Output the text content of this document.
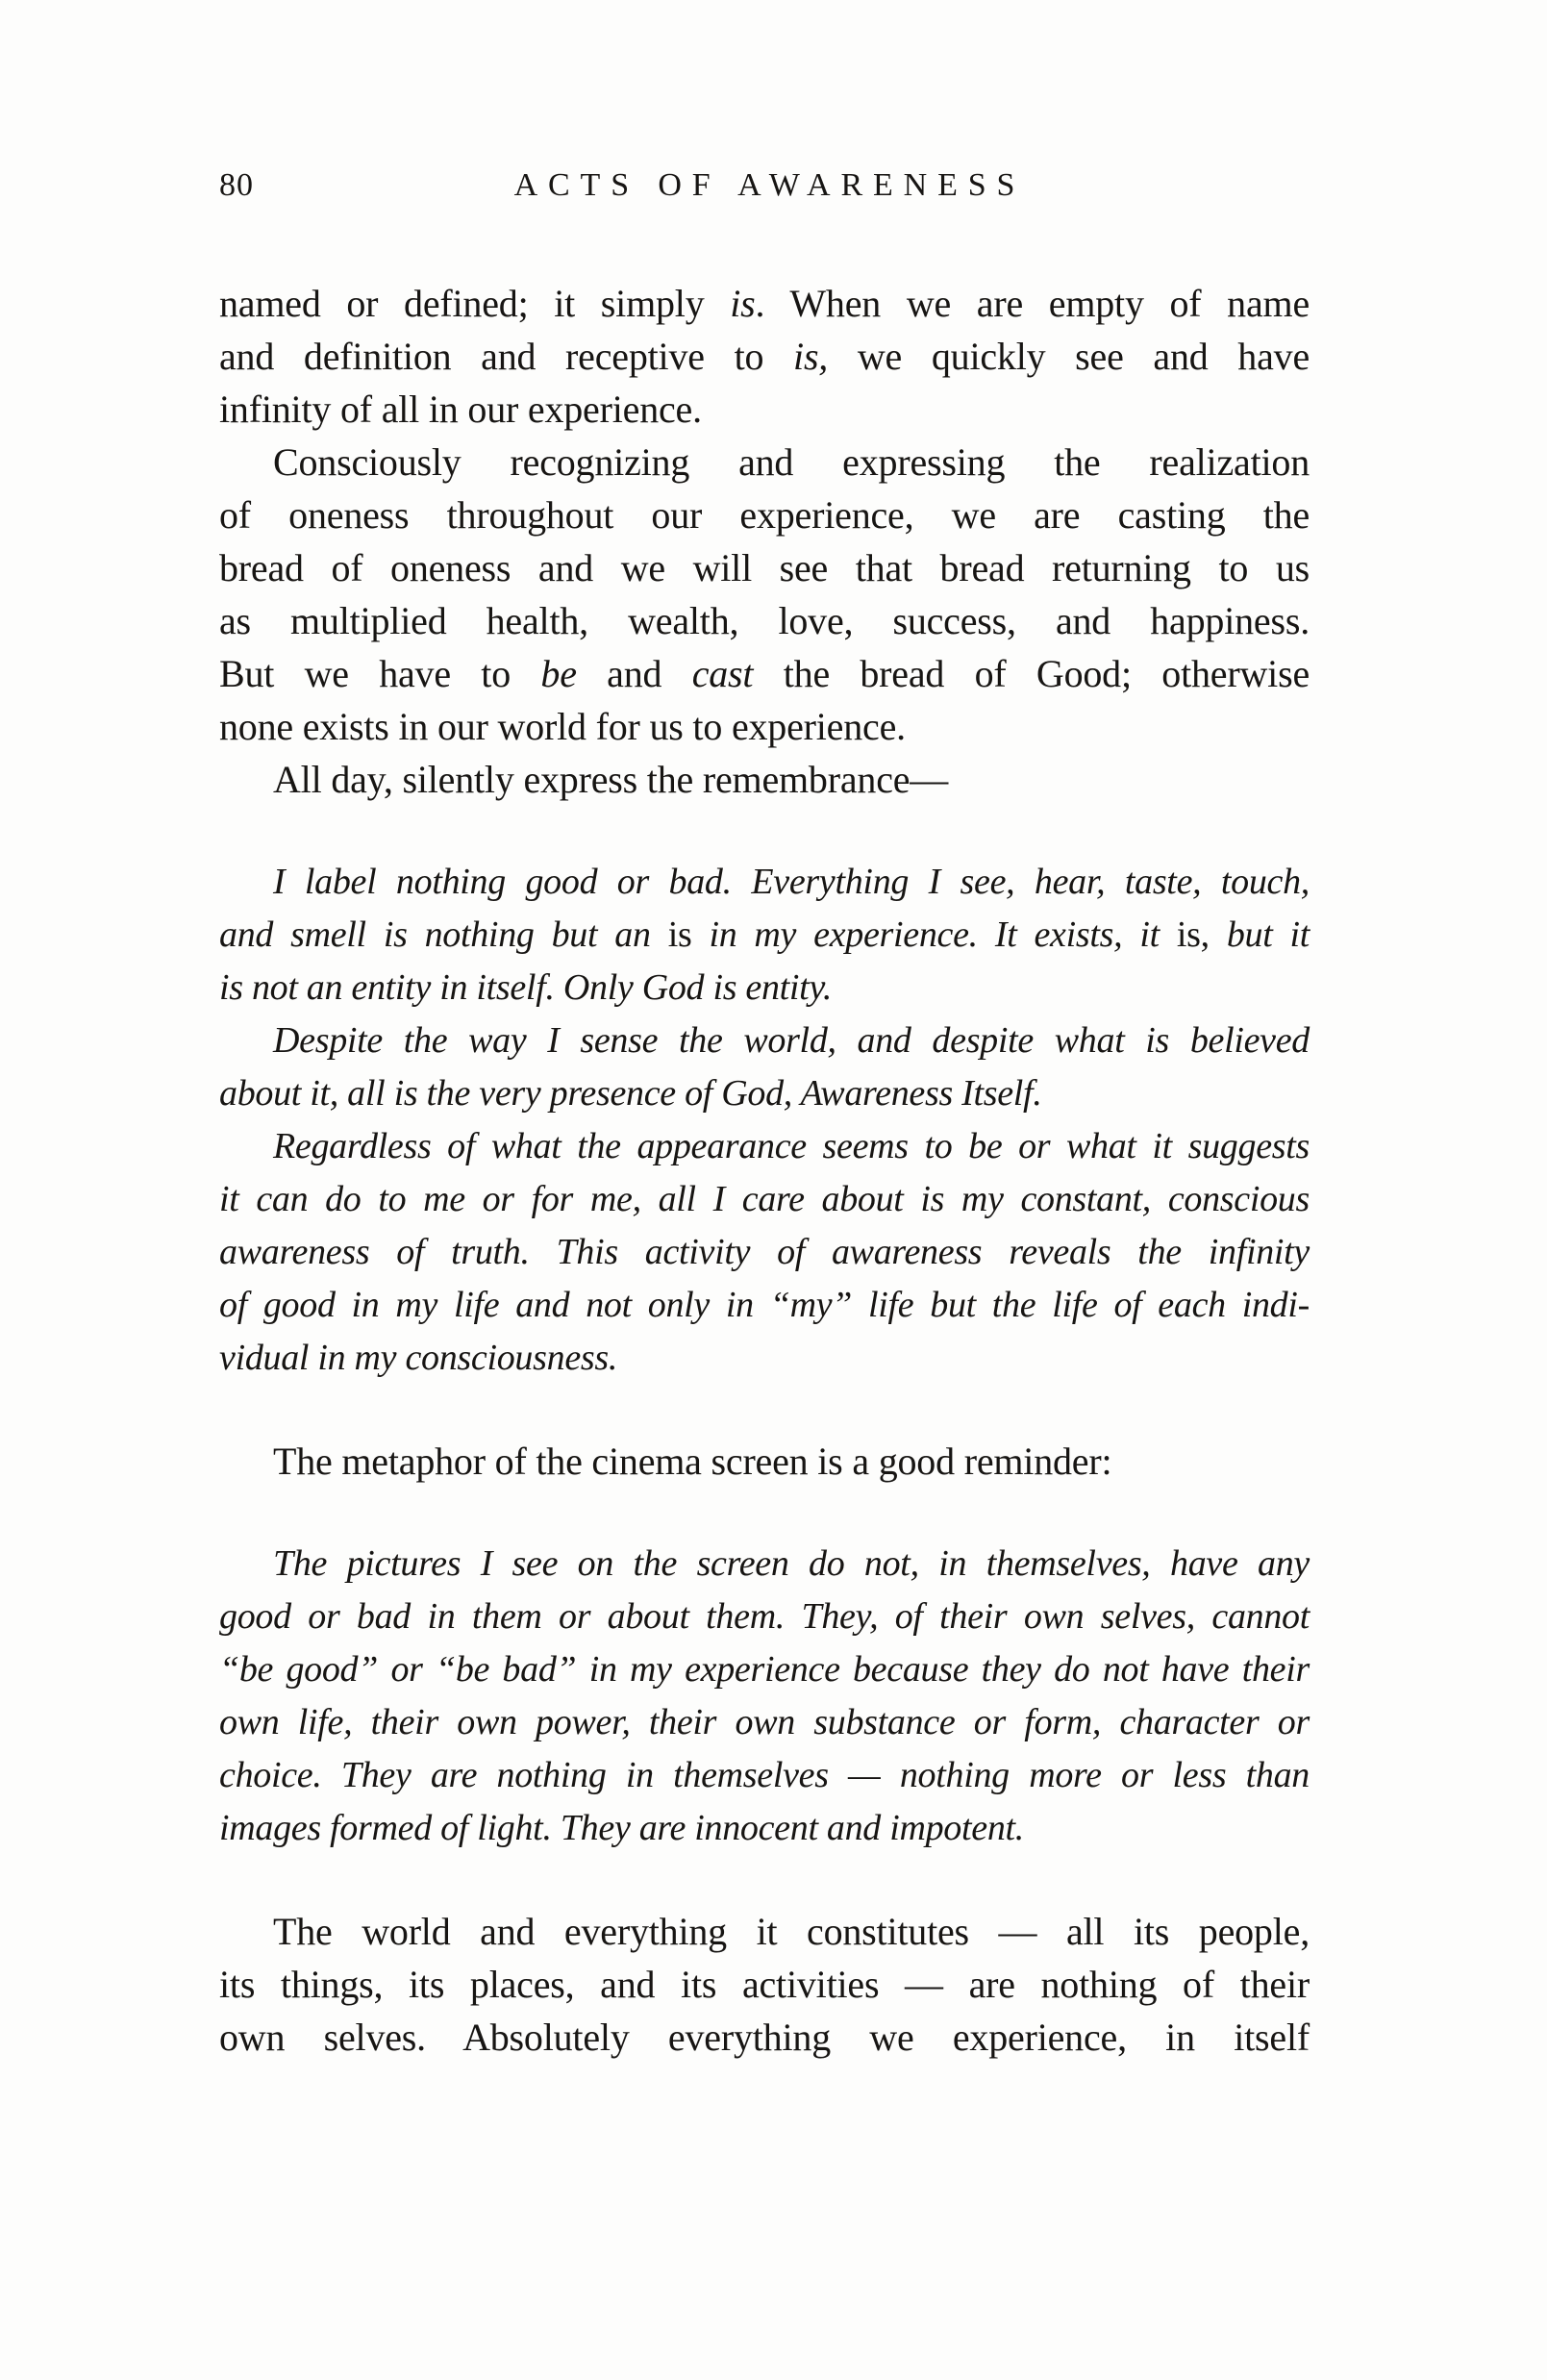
80	ACTS OF AWARENESS
named or defined; it simply is. When we are empty of name
and definition and receptive to is, we quickly see and have
infinity of all in our experience.
Consciously recognizing and expressing the realization
of oneness throughout our experience, we are casting the
bread of oneness and we will see that bread returning to us
as multiplied health, wealth, love, success, and happiness.
But we have to be and cast the bread of Good; otherwise
none exists in our world for us to experience.
All day, silently express the remembrance—
I label nothing good or bad. Everything I see, hear, taste, touch,
and smell is nothing but an is in my experience. It exists, it is, but it
is not an entity in itself. Only God is entity.
Despite the way I sense the world, and despite what is believed
about it, all is the very presence of God, Awareness Itself.
Regardless of what the appearance seems to be or what it suggests
it can do to me or for me, all I care about is my constant, conscious
awareness of truth. This activity of awareness reveals the infinity
of good in my life and not only in “my” life but the life of each indi-
vidual in my consciousness.
The metaphor of the cinema screen is a good reminder:
The pictures I see on the screen do not, in themselves, have any
good or bad in them or about them. They, of their own selves, cannot
“be good” or “be bad” in my experience because they do not have their
own life, their own power, their own substance or form, character or
choice. They are nothing in themselves — nothing more or less than
images formed of light. They are innocent and impotent.
The world and everything it constitutes — all its people,
its things, its places, and its activities — are nothing of their
own selves. Absolutely everything we experience, in itself
